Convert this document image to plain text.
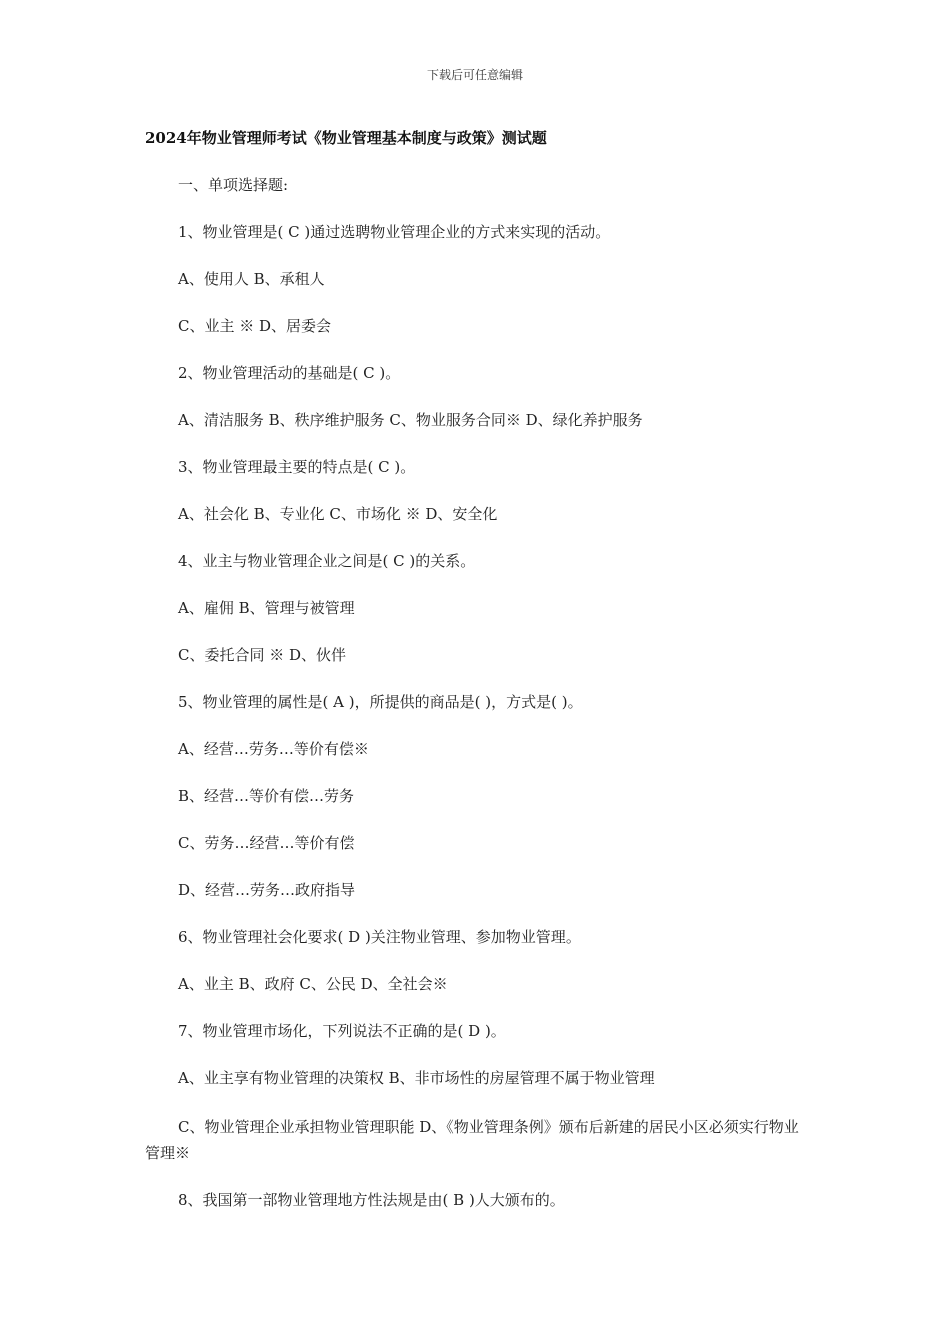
下载后可任意编辑
2024年物业管理师考试《物业管理基本制度与政策》测试题

一、单项选择题:

1、物业管理是( C )通过选聘物业管理企业的方式来实现的活动。

A、使用人 B、承租人

C、业主 ※ D、居委会

2、物业管理活动的基础是( C )。

A、清洁服务 B、秩序维护服务 C、物业服务合同※ D、绿化养护服务

3、物业管理最主要的特点是( C )。

A、社会化 B、专业化 C、市场化 ※ D、安全化

4、业主与物业管理企业之间是( C )的关系。

A、雇佣 B、管理与被管理

C、委托合同 ※ D、伙伴

5、物业管理的属性是( A )，所提供的商品是( )，方式是( )。

A、经营…劳务…等价有偿※

B、经营…等价有偿…劳务

C、劳务…经营…等价有偿

D、经营…劳务…政府指导

6、物业管理社会化要求( D )关注物业管理、参加物业管理。

A、业主 B、政府 C、公民 D、全社会※

7、物业管理市场化，下列说法不正确的是( D )。

A、业主享有物业管理的决策权 B、非市场性的房屋管理不属于物业管理

C、物业管理企业承担物业管理职能 D、《物业管理条例》颁布后新建的居民小区必须实行物业管理※

8、我国第一部物业管理地方性法规是由( B )人大颁布的。
